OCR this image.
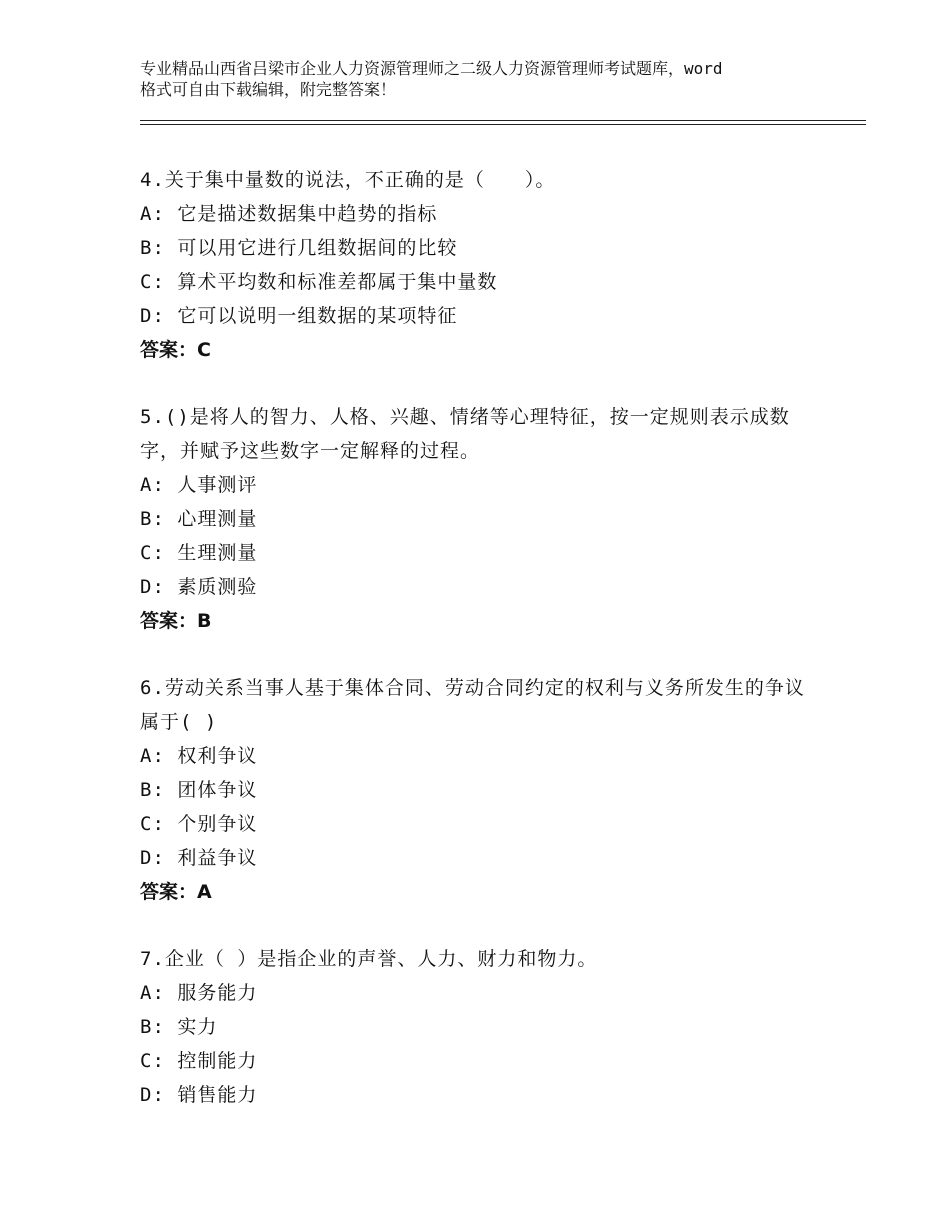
专业精品山西省吕梁市企业人力资源管理师之二级人力资源管理师考试题库，word
格式可自由下载编辑，附完整答案！
4.关于集中量数的说法，不正确的是（　　）。
A: 它是描述数据集中趋势的指标
B: 可以用它进行几组数据间的比较
C: 算术平均数和标准差都属于集中量数
D: 它可以说明一组数据的某项特征
答案：C
5.()是将人的智力、人格、兴趣、情绪等心理特征，按一定规则表示成数字，并赋予这些数字一定解释的过程。
A: 人事测评
B: 心理测量
C: 生理测量
D: 素质测验
答案：B
6.劳动关系当事人基于集体合同、劳动合同约定的权利与义务所发生的争议属于( )
A: 权利争议
B: 团体争议
C: 个别争议
D: 利益争议
答案：A
7.企业（ ）是指企业的声誉、人力、财力和物力。
A: 服务能力
B: 实力
C: 控制能力
D: 销售能力
